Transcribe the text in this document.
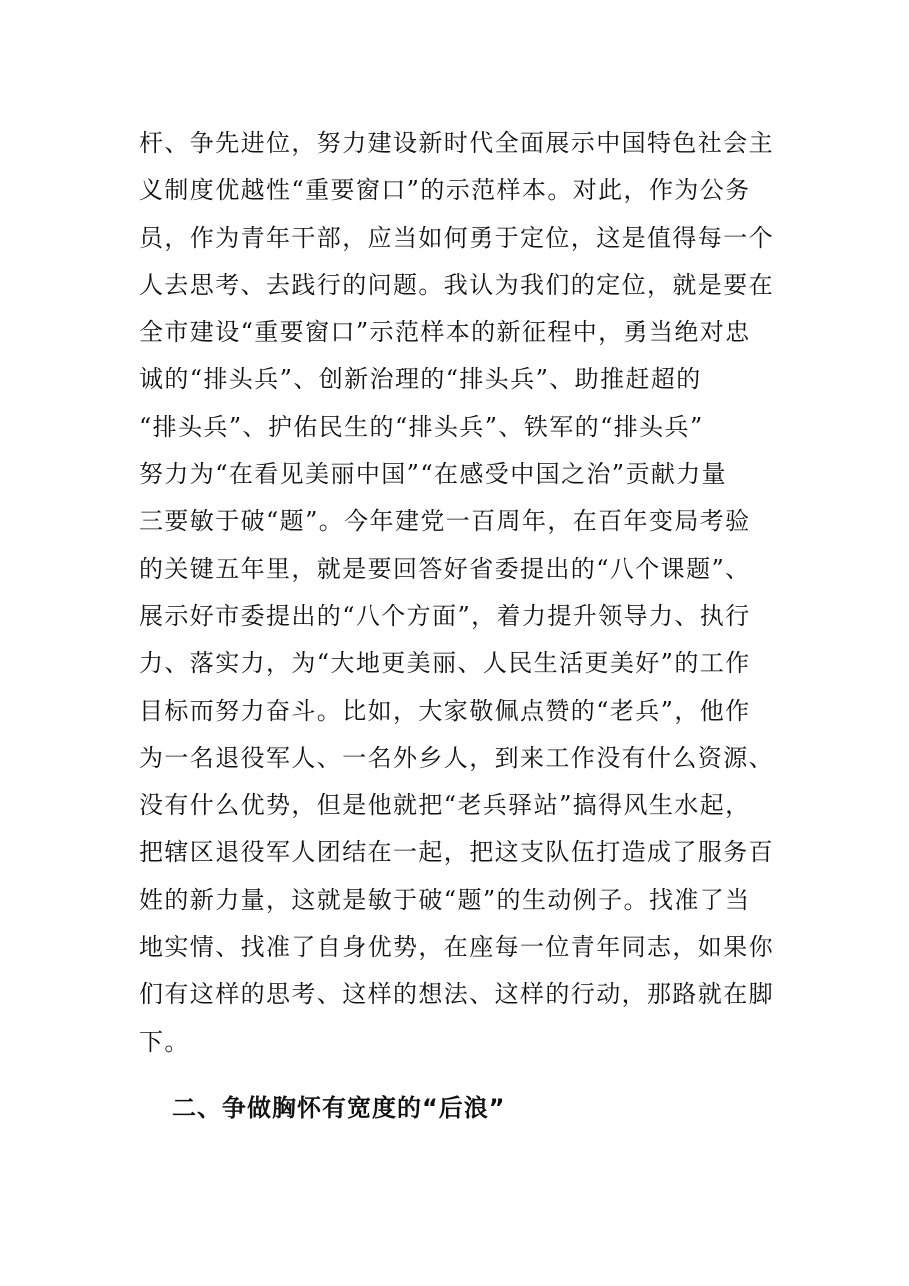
杆、争先进位，努力建设新时代全面展示中国特色社会主
义制度优越性“重要窗口”的示范样本。对此，作为公务
员，作为青年干部，应当如何勇于定位，这是值得每一个
人去思考、去践行的问题。我认为我们的定位，就是要在
全市建设“重要窗口”示范样本的新征程中，勇当绝对忠
诚的“排头兵”、创新治理的“排头兵”、助推赶超的
“排头兵”、护佑民生的“排头兵”、铁军的“排头兵”
努力为“在看见美丽中国”“在感受中国之治”贡献力量
三要敏于破“题”。今年建党一百周年，在百年变局考验
的关键五年里，就是要回答好省委提出的“八个课题”、
展示好市委提出的“八个方面”，着力提升领导力、执行
力、落实力，为“大地更美丽、人民生活更美好”的工作
目标而努力奋斗。比如，大家敬佩点赞的“老兵”，他作
为一名退役军人、一名外乡人，到来工作没有什么资源、
没有什么优势，但是他就把“老兵驿站”搞得风生水起，
把辖区退役军人团结在一起，把这支队伍打造成了服务百
姓的新力量，这就是敏于破“题”的生动例子。找准了当
地实情、找准了自身优势，在座每一位青年同志，如果你
们有这样的思考、这样的想法、这样的行动，那路就在脚
下。
二、争做胸怀有宽度的“后浪”
